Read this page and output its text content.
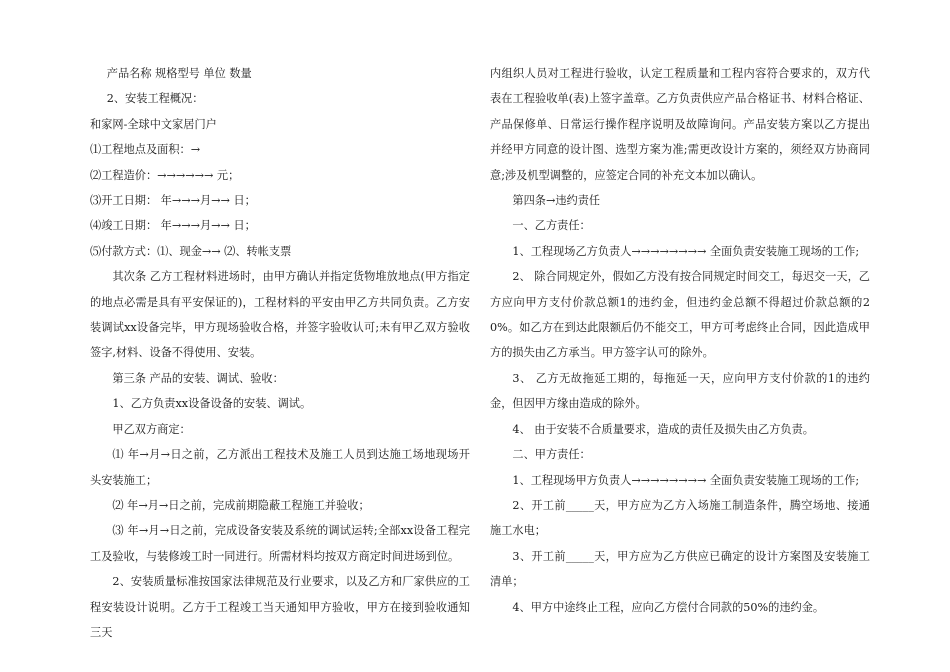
产品名称 规格型号 单位 数量

2、安装工程概况：

和家网-全球中文家居门户

⑴工程地点及面积：→

⑵工程造价：→→→→→→ 元；

⑶开工日期： 年→→→月→→ 日；

⑷竣工日期： 年→→→月→→ 日；

⑸付款方式：⑴、现金→→ ⑵、转帐支票

其次条 乙方工程材料进场时，由甲方确认并指定货物堆放地点(甲方指定的地点必需是具有平安保证的)，工程材料的平安由甲乙方共同负责。乙方安装调试xx设备完毕，甲方现场验收合格，并签字验收认可;未有甲乙双方验收签字,材料、设备不得使用、安装。

第三条 产品的安装、调试、验收：

1、乙方负责xx设备设备的安装、调试。

甲乙双方商定：

⑴ 年→月→日之前，乙方派出工程技术及施工人员到达施工场地现场开头安装施工；

⑵ 年→月→日之前，完成前期隐蔽工程施工并验收；

⑶ 年→月→日之前，完成设备安装及系统的调试运转;全部xx设备工程完工及验收，与装修竣工时一同进行。所需材料均按双方商定时间进场到位。

2、安装质量标准按国家法律规范及行业要求，以及乙方和厂家供应的工程安装设计说明。乙方于工程竣工当天通知甲方验收，甲方在接到验收通知三天

内组织人员对工程进行验收，认定工程质量和工程内容符合要求的，双方代表在工程验收单(表)上签字盖章。乙方负责供应产品合格证书、材料合格证、产品保修单、日常运行操作程序说明及故障询问。产品安装方案以乙方提出并经甲方同意的设计图、选型方案为准;需更改设计方案的，须经双方协商同意;涉及机型调整的，应签定合同的补充文本加以确认。

第四条→违约责任

一、乙方责任：

1、工程现场乙方负责人→→→→→→→→ 全面负责安装施工现场的工作;

2、 除合同规定外，假如乙方没有按合同规定时间交工，每迟交一天，乙方应向甲方支付价款总额1的违约金，但违约金总额不得超过价款总额的20%。如乙方在到达此限额后仍不能交工，甲方可考虑终止合同，因此造成甲方的损失由乙方承当。甲方签字认可的除外。

3、 乙方无故拖延工期的，每拖延一天，应向甲方支付价款的1的违约金，但因甲方缘由造成的除外。

4、 由于安装不合质量要求，造成的责任及损失由乙方负责。

二、甲方责任：

1、工程现场甲方负责人→→→→→→→→ 全面负责安装施工现场的工作;

2、开工前_____天，甲方应为乙方入场施工制造条件，腾空场地、接通施工水电；

3、开工前_____天，甲方应为乙方供应已确定的设计方案图及安装施工清单；

4、甲方中途终止工程，应向乙方偿付合同款的50%的违约金。
